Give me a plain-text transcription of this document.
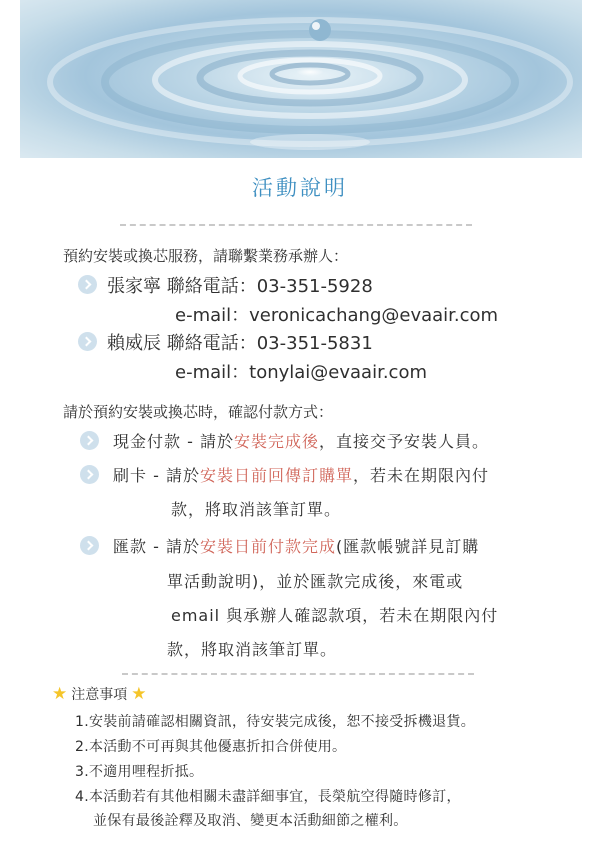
活動說明
預約安裝或換芯服務，請聯繫業務承辦人：
張家寧 聯絡電話：03-351-5928
e-mail：veronicachang@evaair.com
賴威辰 聯絡電話：03-351-5831
e-mail：tonylai@evaair.com
請於預約安裝或換芯時，確認付款方式：
現金付款 - 請於安裝完成後，直接交予安裝人員。
刷卡 - 請於安裝日前回傳訂購單，若未在期限內付
款，將取消該筆訂單。
匯款 - 請於安裝日前付款完成(匯款帳號詳見訂購
單活動說明)，並於匯款完成後，來電或
email 與承辦人確認款項，若未在期限內付
款，將取消該筆訂單。
★ 注意事項 ★
1.安裝前請確認相關資訊，待安裝完成後，恕不接受拆機退貨。
2.本活動不可再與其他優惠折扣合併使用。
3.不適用哩程折抵。
4.本活動若有其他相關未盡詳細事宜，長榮航空得隨時修訂，
並保有最後詮釋及取消、變更本活動細節之權利。
